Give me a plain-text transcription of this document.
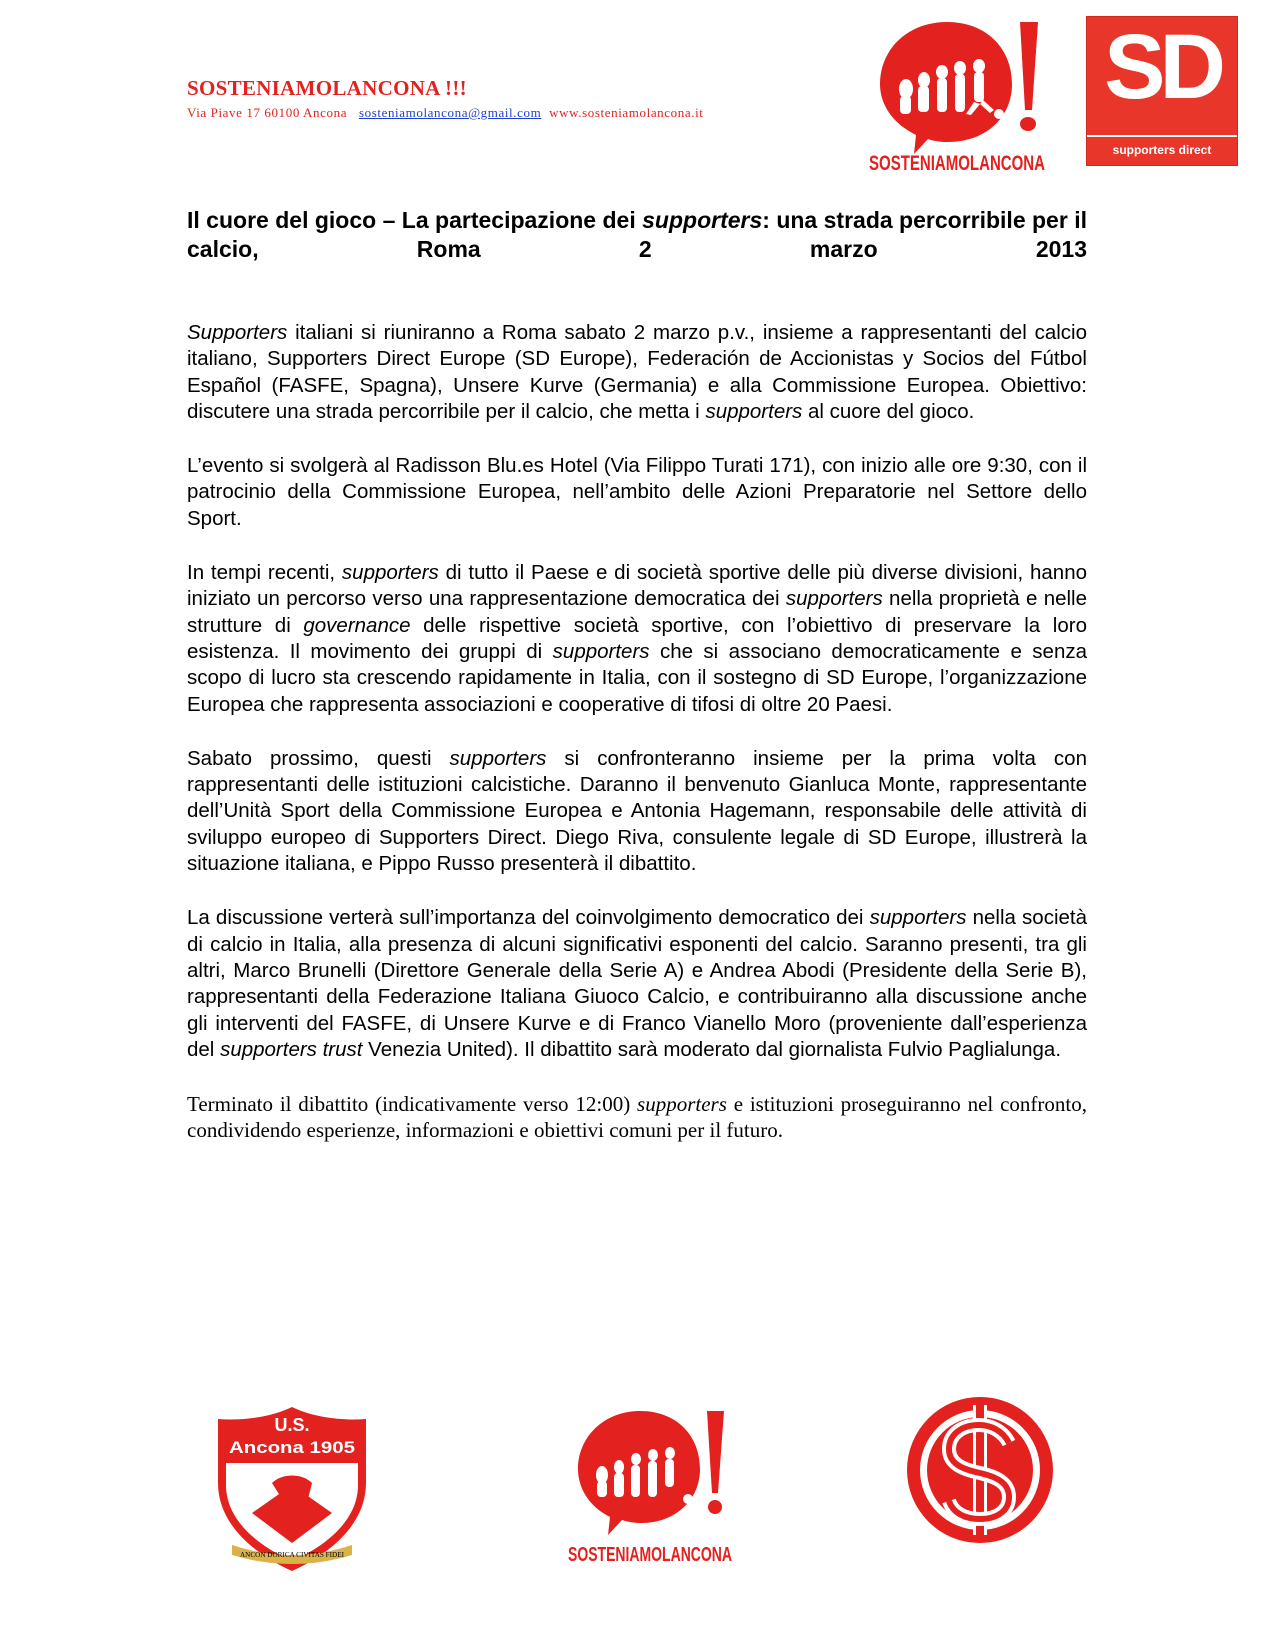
SOSTENIAMOLANCONA !!!
Via Piave 17 60100 Ancona sosteniamolancona@gmail.com www.sosteniamolancona.it
SOSTENIAMOLANCONA
SD
supporters direct
Il cuore del gioco – La partecipazione dei supporters: una strada percorribile per il calcio, Roma 2 marzo 2013

Supporters italiani si riuniranno a Roma sabato 2 marzo p.v., insieme a rappresentanti del calcio italiano, Supporters Direct Europe (SD Europe), Federación de Accionistas y Socios del Fútbol Español (FASFE, Spagna), Unsere Kurve (Germania) e alla Commissione Europea. Obiettivo: discutere una strada percorribile per il calcio, che metta i supporters al cuore del gioco.

L’evento si svolgerà al Radisson Blu.es Hotel (Via Filippo Turati 171), con inizio alle ore 9:30, con il patrocinio della Commissione Europea, nell’ambito delle Azioni Preparatorie nel Settore dello Sport.

In tempi recenti, supporters di tutto il Paese e di società sportive delle più diverse divisioni, hanno iniziato un percorso verso una rappresentazione democratica dei supporters nella proprietà e nelle strutture di governance delle rispettive società sportive, con l’obiettivo di preservare la loro esistenza. Il movimento dei gruppi di supporters che si associano democraticamente e senza scopo di lucro sta crescendo rapidamente in Italia, con il sostegno di SD Europe, l’organizzazione Europea che rappresenta associazioni e cooperative di tifosi di oltre 20 Paesi.

Sabato prossimo, questi supporters si confronteranno insieme per la prima volta con rappresentanti delle istituzioni calcistiche. Daranno il benvenuto Gianluca Monte, rappresentante dell’Unità Sport della Commissione Europea e Antonia Hagemann, responsabile delle attività di sviluppo europeo di Supporters Direct. Diego Riva, consulente legale di SD Europe, illustrerà la situazione italiana, e Pippo Russo presenterà il dibattito.

La discussione verterà sull’importanza del coinvolgimento democratico dei supporters nella società di calcio in Italia, alla presenza di alcuni significativi esponenti del calcio. Saranno presenti, tra gli altri, Marco Brunelli (Direttore Generale della Serie A) e Andrea Abodi (Presidente della Serie B), rappresentanti della Federazione Italiana Giuoco Calcio, e contribuiranno alla discussione anche gli interventi del FASFE, di Unsere Kurve e di Franco Vianello Moro (proveniente dall’esperienza del supporters trust Venezia United). Il dibattito sarà moderato dal giornalista Fulvio Paglialunga.

Terminato il dibattito (indicativamente verso 12:00) supporters e istituzioni proseguiranno nel confronto, condividendo esperienze, informazioni e obiettivi comuni per il futuro.

U.S.
Ancona 1905
ANCON DORICA CIVITAS FIDEI	SOSTENIAMOLANCONA
